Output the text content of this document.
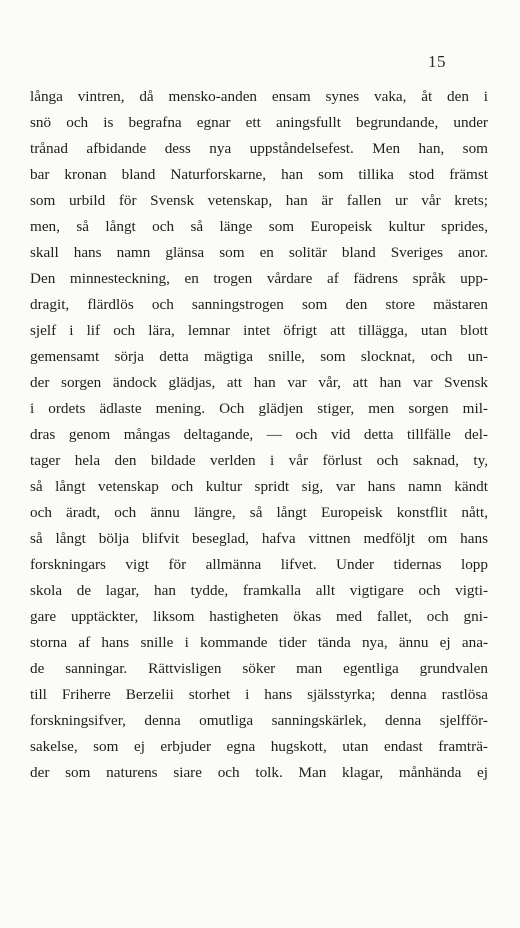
15
långa vintren, då mensko-anden ensam synes vaka, åt den i
snö och is begrafna egnar ett aningsfullt begrundande, under
trånad afbidande dess nya uppståndelsefest. Men han, som
bar kronan bland Naturforskarne, han som tillika stod främst
som urbild för Svensk vetenskap, han är fallen ur vår krets;
men, så långt och så länge som Europeisk kultur sprides,
skall hans namn glänsa som en solitär bland Sveriges anor.
Den minnesteckning, en trogen vårdare af fädrens språk upp-
dragit, flärdlös och sanningstrogen som den store mästaren
sjelf i lif och lära, lemnar intet öfrigt att tillägga, utan blott
gemensamt sörja detta mägtiga snille, som slocknat, och un-
der sorgen ändock glädjas, att han var vår, att han var Svensk
i ordets ädlaste mening. Och glädjen stiger, men sorgen mil-
dras genom mångas deltagande, — och vid detta tillfälle del-
tager hela den bildade verlden i vår förlust och saknad, ty,
så långt vetenskap och kultur spridt sig, var hans namn kändt
och äradt, och ännu längre, så långt Europeisk konstflit nått,
så långt bölja blifvit beseglad, hafva vittnen medföljt om hans
forskningars vigt för allmänna lifvet. Under tidernas lopp
skola de lagar, han tydde, framkalla allt vigtigare och vigti-
gare upptäckter, liksom hastigheten ökas med fallet, och gni-
storna af hans snille i kommande tider tända nya, ännu ej ana-
de sanningar. Rättvisligen söker man egentliga grundvalen
till Friherre Berzelii storhet i hans själsstyrka; denna rastlösa
forskningsifver, denna omutliga sanningskärlek, denna sjelfför-
sakelse, som ej erbjuder egna hugskott, utan endast framträ-
der som naturens siare och tolk. Man klagar, månhända ej
